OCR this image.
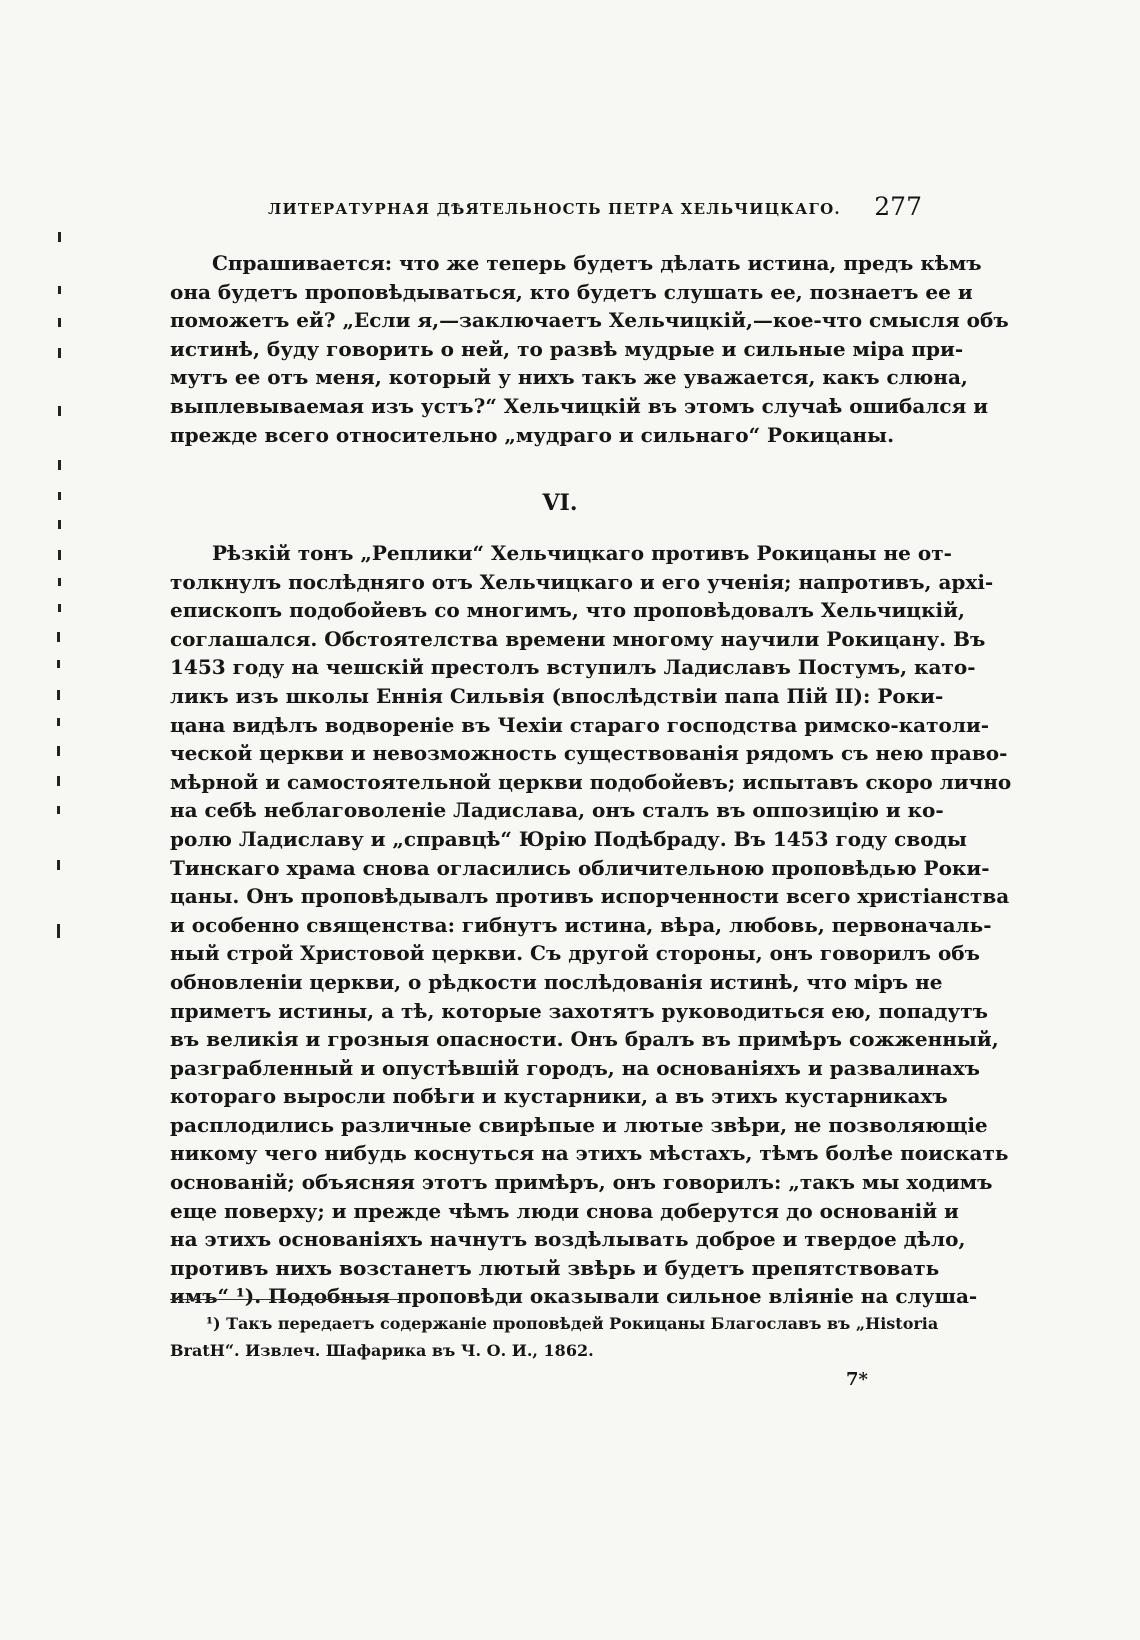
ЛИТЕРАТУРНАЯ ДѢЯТЕЛЬНОСТЬ ПЕТРА ХЕЛЬЧИЦКАГО. 277
Спрашивается: что же теперь будетъ дѣлать истина, предъ кѣмъ
она будетъ проповѣдываться, кто будетъ слушать ее, познаетъ ее и
поможетъ ей? „Если я,—заключаетъ Хельчицкій,—кое-что смысля объ
истинѣ, буду говорить о ней, то развѣ мудрые и сильные міра при-
мутъ ее отъ меня, который у нихъ такъ же уважается, какъ слюна,
выплевываемая изъ устъ?“ Хельчицкій въ этомъ случаѣ ошибался и
прежде всего относительно „мудраго и сильнаго“ Рокицаны.
VI.
Рѣзкій тонъ „Реплики“ Хельчицкаго противъ Рокицаны не от-
толкнулъ послѣдняго отъ Хельчицкаго и его ученія; напротивъ, архі-
епископъ подобойевъ со многимъ, что проповѣдовалъ Хельчицкій,
соглашался. Обстоятелства времени многому научили Рокицану. Въ
1453 году на чешскій престолъ вступилъ Ладиславъ Постумъ, като-
ликъ изъ школы Еннія Сильвія (впослѣдствіи папа Пій II): Роки-
цана видѣлъ водвореніе въ Чехіи стараго господства римско-католи-
ческой церкви и невозможность существованія рядомъ съ нею право-
мѣрной и самостоятельной церкви подобойевъ; испытавъ скоро лично
на себѣ неблаговоленіе Ладислава, онъ сталъ въ оппозицію и ко-
ролю Ладиславу и „справцѣ“ Юрію Подѣбраду. Въ 1453 году своды
Тинскаго храма снова огласились обличительною проповѣдью Роки-
цаны. Онъ проповѣдывалъ противъ испорченности всего христіанства
и особенно священства: гибнутъ истина, вѣра, любовь, первоначаль-
ный строй Христовой церкви. Съ другой стороны, онъ говорилъ объ
обновленіи церкви, о рѣдкости послѣдованія истинѣ, что міръ не
приметъ истины, а тѣ, которые захотятъ руководиться ею, попадутъ
въ великія и грозныя опасности. Онъ бралъ въ примѣръ сожженный,
разграбленный и опустѣвшій городъ, на основаніяхъ и развалинахъ
котораго выросли побѣги и кустарники, а въ этихъ кустарникахъ
расплодились различные свирѣпые и лютые звѣри, не позволяющіе
никому чего нибудь коснуться на этихъ мѣстахъ, тѣмъ болѣе поискать
основаній; объясняя этотъ примѣръ, онъ говорилъ: „такъ мы ходимъ
еще поверху; и прежде чѣмъ люди снова доберутся до основаній и
на этихъ основаніяхъ начнутъ воздѣлывать доброе и твердое дѣло,
противъ нихъ возстанетъ лютый звѣрь и будетъ препятствовать
имъ“ ¹). Подобныя проповѣди оказывали сильное вліяніе на слуша-
¹) Такъ передаетъ содержаніе проповѣдей Рокицаны Благославъ въ „Historia
BratH“. Извлеч. Шафарика въ Ч. О. И., 1862.
7*
